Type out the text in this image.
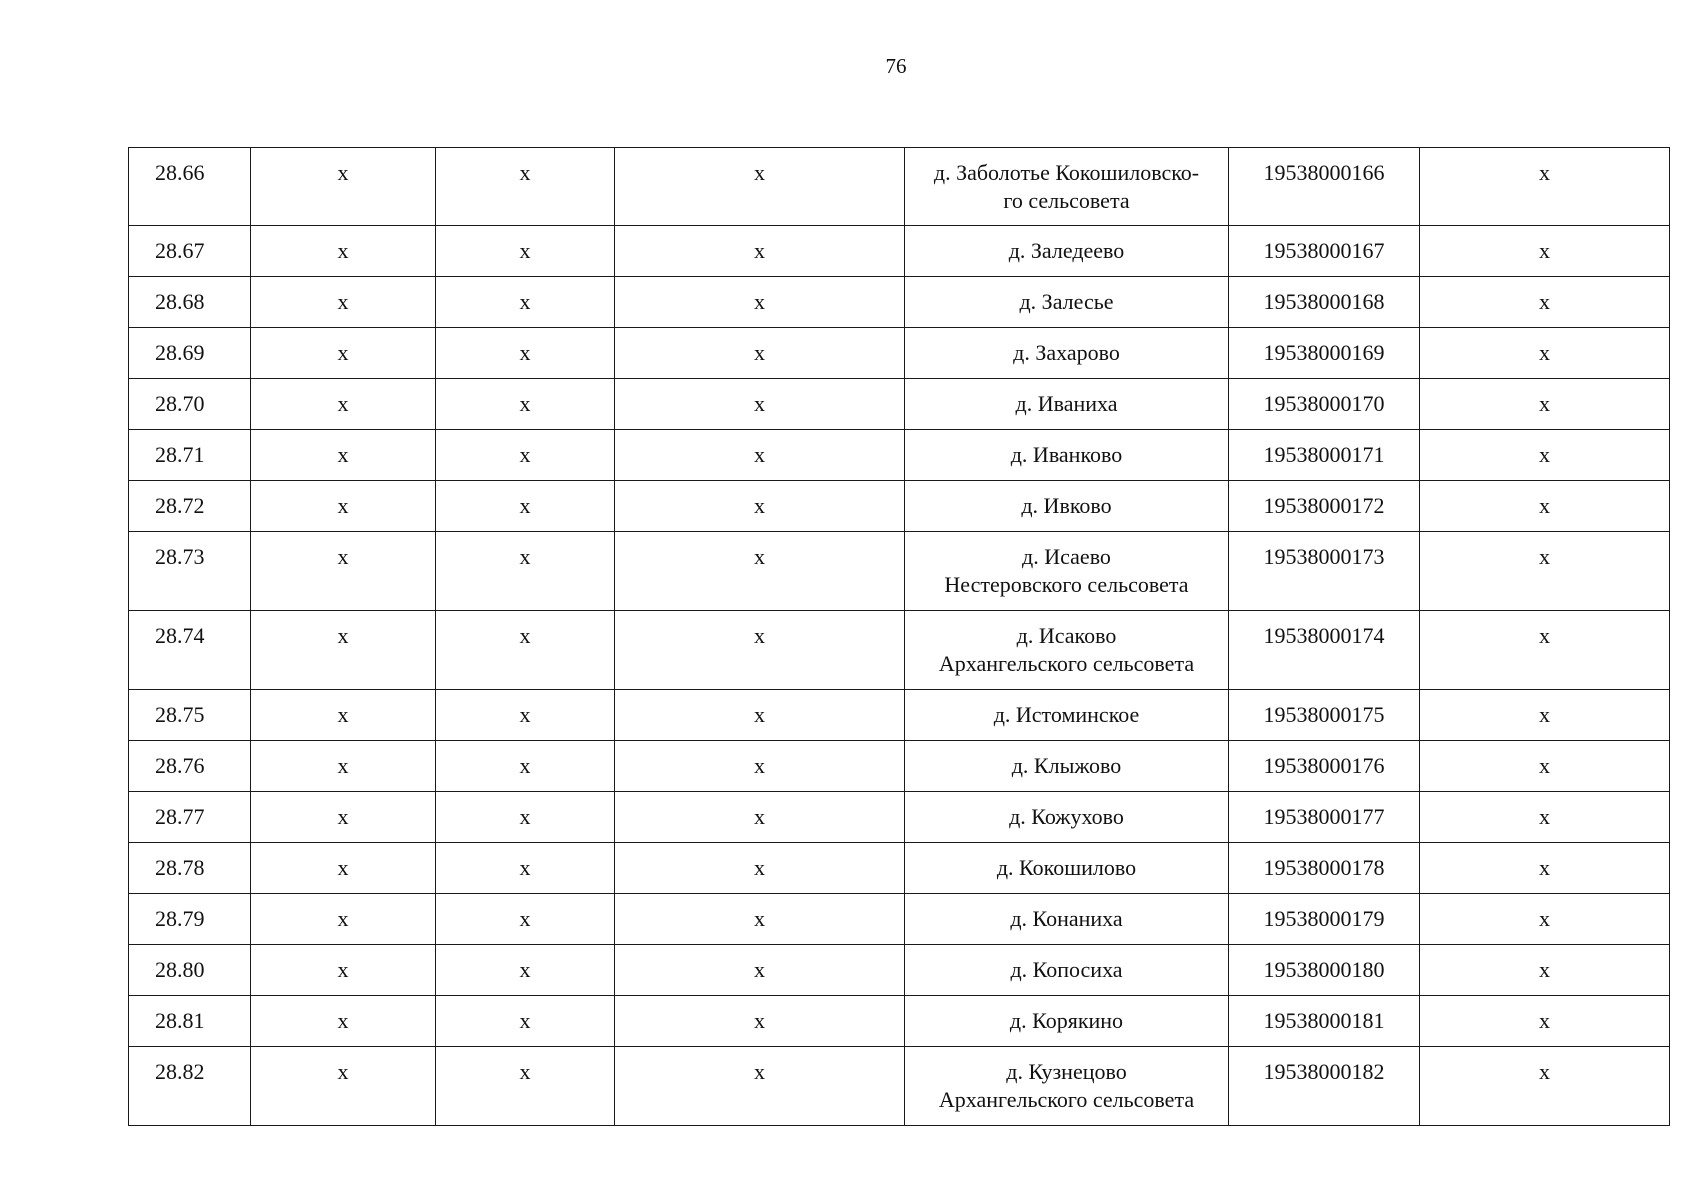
76
28.66	х	х	х	д. Заболотье Кокошиловско-
го сельсовета	19538000166	х
28.67	х	х	х	д. Заледеево	19538000167	х
28.68	х	х	х	д. Залесье	19538000168	х
28.69	х	х	х	д. Захарово	19538000169	х
28.70	х	х	х	д. Иваниха	19538000170	х
28.71	х	х	х	д. Иванково	19538000171	х
28.72	х	х	х	д. Ивково	19538000172	х
28.73	х	х	х	д. Исаево
Нестеровского сельсовета	19538000173	х
28.74	х	х	х	д. Исаково
Архангельского сельсовета	19538000174	х
28.75	х	х	х	д. Истоминское	19538000175	х
28.76	х	х	х	д. Клыжово	19538000176	х
28.77	х	х	х	д. Кожухово	19538000177	х
28.78	х	х	х	д. Кокошилово	19538000178	х
28.79	х	х	х	д. Конаниха	19538000179	х
28.80	х	х	х	д. Копосиха	19538000180	х
28.81	х	х	х	д. Корякино	19538000181	х
28.82	х	х	х	д. Кузнецово
Архангельского сельсовета	19538000182	х
